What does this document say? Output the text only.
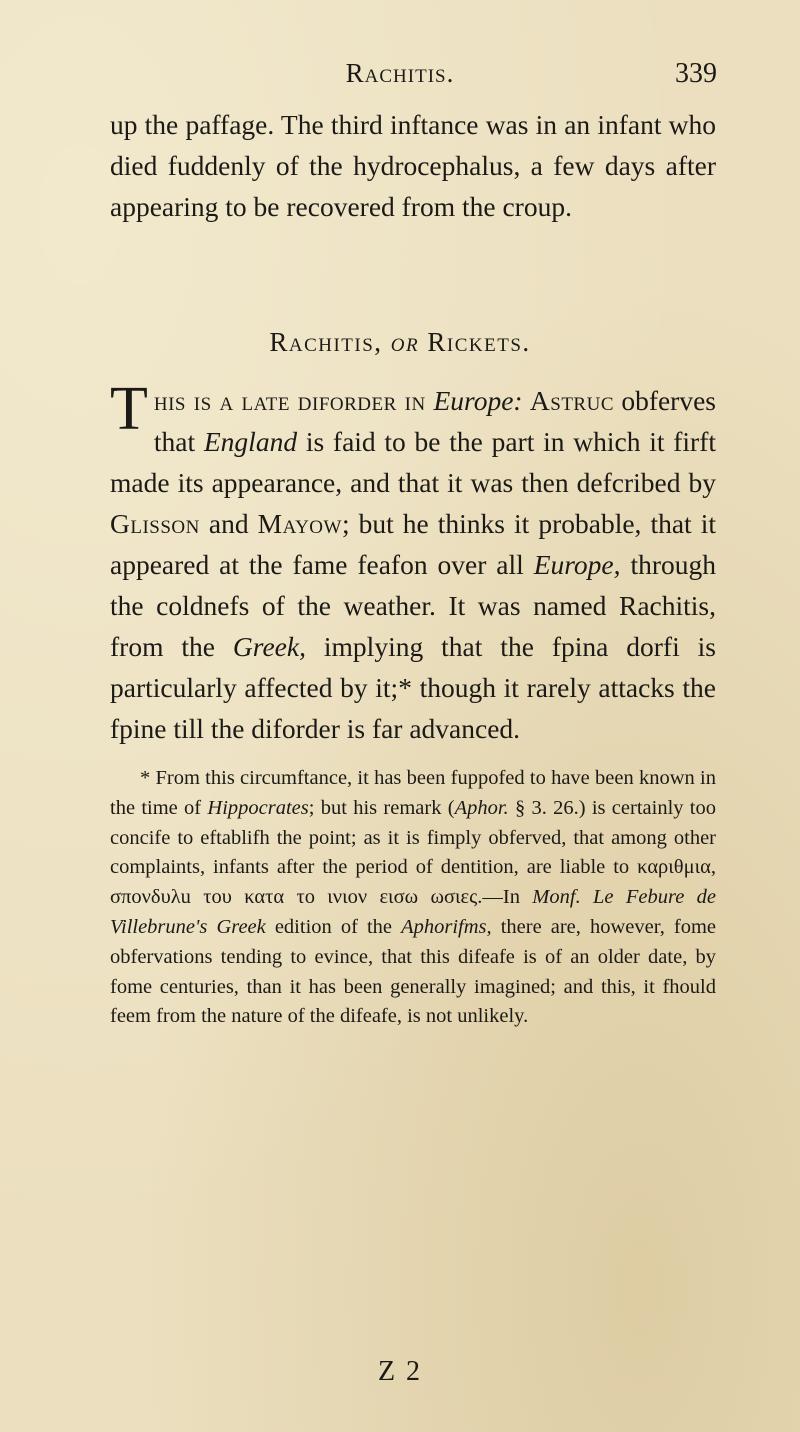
Rachitis.	339
up the paffage. The third inftance was in an infant who died fuddenly of the hydrocephalus, a few days after appearing to be recovered from the croup.
Rachitis, or Rickets.
This is a late diforder in Europe: Astruc obferves that England is faid to be the part in which it firft made its appearance, and that it was then defcribed by Glisson and Mayow; but he thinks it probable, that it appeared at the fame feafon over all Europe, through the coldnefs of the weather. It was named Rachitis, from the Greek, implying that the fpina dorfi is particularly affected by it;* though it rarely attacks the fpine till the diforder is far advanced.
* From this circumftance, it has been fuppofed to have been known in the time of Hippocrates; but his remark (Aphor. § 3. 26.) is certainly too concife to eftablifh the point; as it is fimply obferved, that among other complaints, infants after the period of dentition, are liable to καριθμια, σπονδυλu του κατα το ινιον εισω ωσιες.—In Monf. Le Febure de Villebrune's Greek edition of the Aphorifms, there are, however, fome obfervations tending to evince, that this difeafe is of an older date, by fome centuries, than it has been generally imagined; and this, it fhould feem from the nature of the difeafe, is not unlikely.
Z 2
